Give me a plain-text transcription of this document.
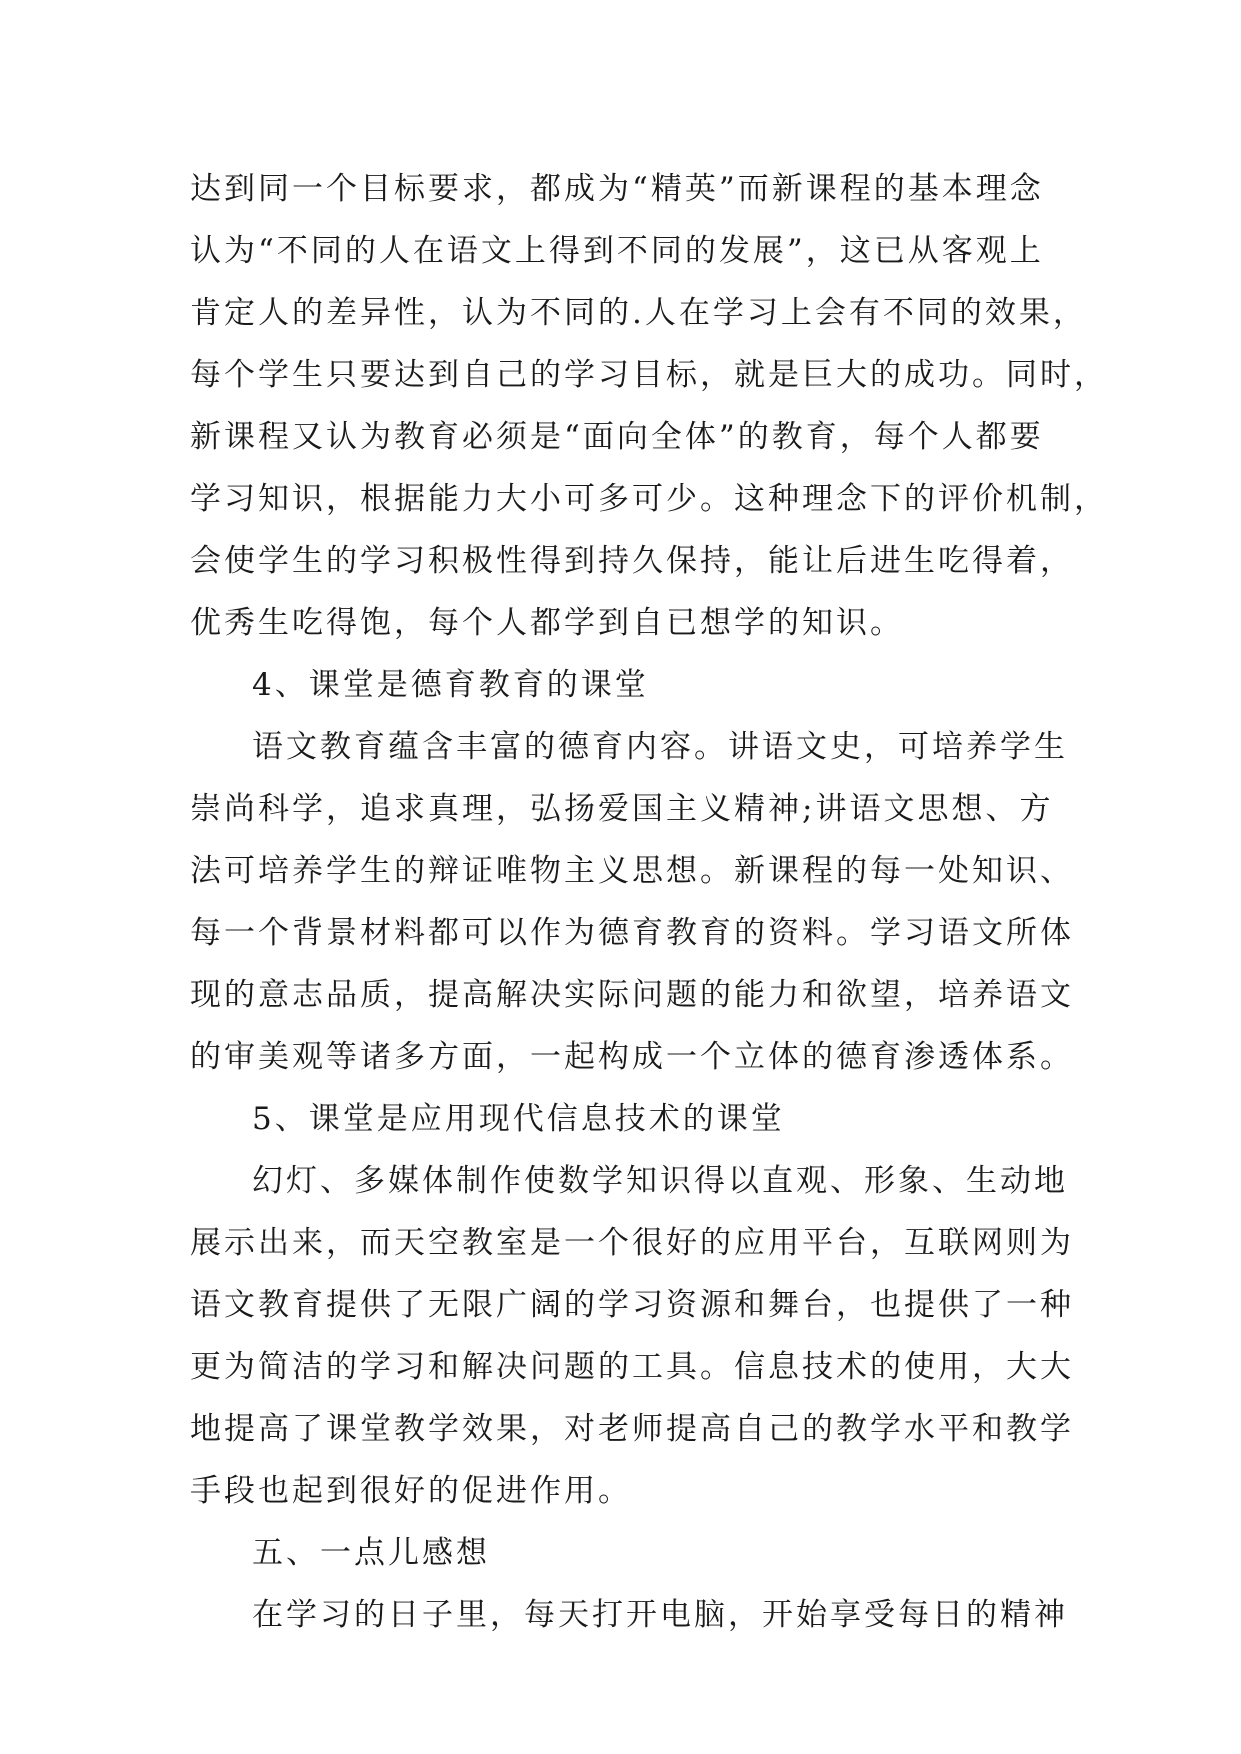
达到同一个目标要求，都成为“精英”而新课程的基本理念
认为“不同的人在语文上得到不同的发展”，这已从客观上
肯定人的差异性，认为不同的.人在学习上会有不同的效果，
每个学生只要达到自己的学习目标，就是巨大的成功。同时，
新课程又认为教育必须是“面向全体”的教育，每个人都要
学习知识，根据能力大小可多可少。这种理念下的评价机制，
会使学生的学习积极性得到持久保持，能让后进生吃得着，
优秀生吃得饱，每个人都学到自已想学的知识。
4、课堂是德育教育的课堂
语文教育蕴含丰富的德育内容。讲语文史，可培养学生
崇尚科学，追求真理，弘扬爱国主义精神;讲语文思想、方
法可培养学生的辩证唯物主义思想。新课程的每一处知识、
每一个背景材料都可以作为德育教育的资料。学习语文所体
现的意志品质，提高解决实际问题的能力和欲望，培养语文
的审美观等诸多方面，一起构成一个立体的德育渗透体系。
5、课堂是应用现代信息技术的课堂
幻灯、多媒体制作使数学知识得以直观、形象、生动地
展示出来，而天空教室是一个很好的应用平台，互联网则为
语文教育提供了无限广阔的学习资源和舞台，也提供了一种
更为简洁的学习和解决问题的工具。信息技术的使用，大大
地提高了课堂教学效果，对老师提高自己的教学水平和教学
手段也起到很好的促进作用。
五、一点儿感想
在学习的日子里，每天打开电脑，开始享受每日的精神
